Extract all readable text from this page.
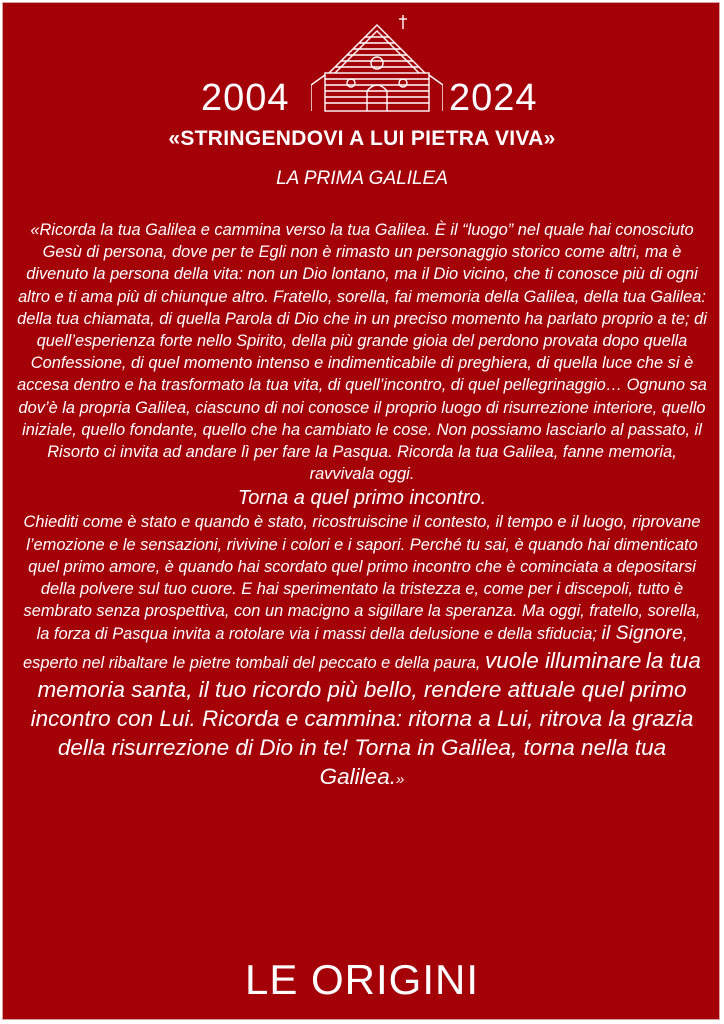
2004	2024
«STRINGENDOVI A LUI PIETRA VIVA»
LA PRIMA GALILEA

«Ricorda la tua Galilea e cammina verso la tua Galilea. È il “luogo” nel quale hai conosciuto Gesù di persona, dove per te Egli non è rimasto un personaggio storico come altri, ma è divenuto la persona della vita: non un Dio lontano, ma il Dio vicino, che ti conosce più di ogni altro e ti ama più di chiunque altro. Fratello, sorella, fai memoria della Galilea, della tua Galilea: della tua chiamata, di quella Parola di Dio che in un preciso momento ha parlato proprio a te; di quell’esperienza forte nello Spirito, della più grande gioia del perdono provata dopo quella Confessione, di quel momento intenso e indimenticabile di preghiera, di quella luce che si è accesa dentro e ha trasformato la tua vita, di quell’incontro, di quel pellegrinaggio… Ognuno sa dov’è la propria Galilea, ciascuno di noi conosce il proprio luogo di risurrezione interiore, quello iniziale, quello fondante, quello che ha cambiato le cose. Non possiamo lasciarlo al passato, il Risorto ci invita ad andare lì per fare la Pasqua. Ricorda la tua Galilea, fanne memoria, ravvivala oggi.

Torna a quel primo incontro.

Chiediti come è stato e quando è stato, ricostruiscine il contesto, il tempo e il luogo, riprovane l’emozione e le sensazioni, rivivine i colori e i sapori. Perché tu sai, è quando hai dimenticato quel primo amore, è quando hai scordato quel primo incontro che è cominciata a depositarsi della polvere sul tuo cuore. E hai sperimentato la tristezza e, come per i discepoli, tutto è sembrato senza prospettiva, con un macigno a sigillare la speranza. Ma oggi, fratello, sorella, la forza di Pasqua invita a rotolare via i massi della delusione e della sfiducia; il Signore, esperto nel ribaltare le pietre tombali del peccato e della paura, vuole illuminare la tua memoria santa, il tuo ricordo più bello, rendere attuale quel primo incontro con Lui. Ricorda e cammina: ritorna a Lui, ritrova la grazia della risurrezione di Dio in te! Torna in Galilea, torna nella tua Galilea.»

LE ORIGINI
